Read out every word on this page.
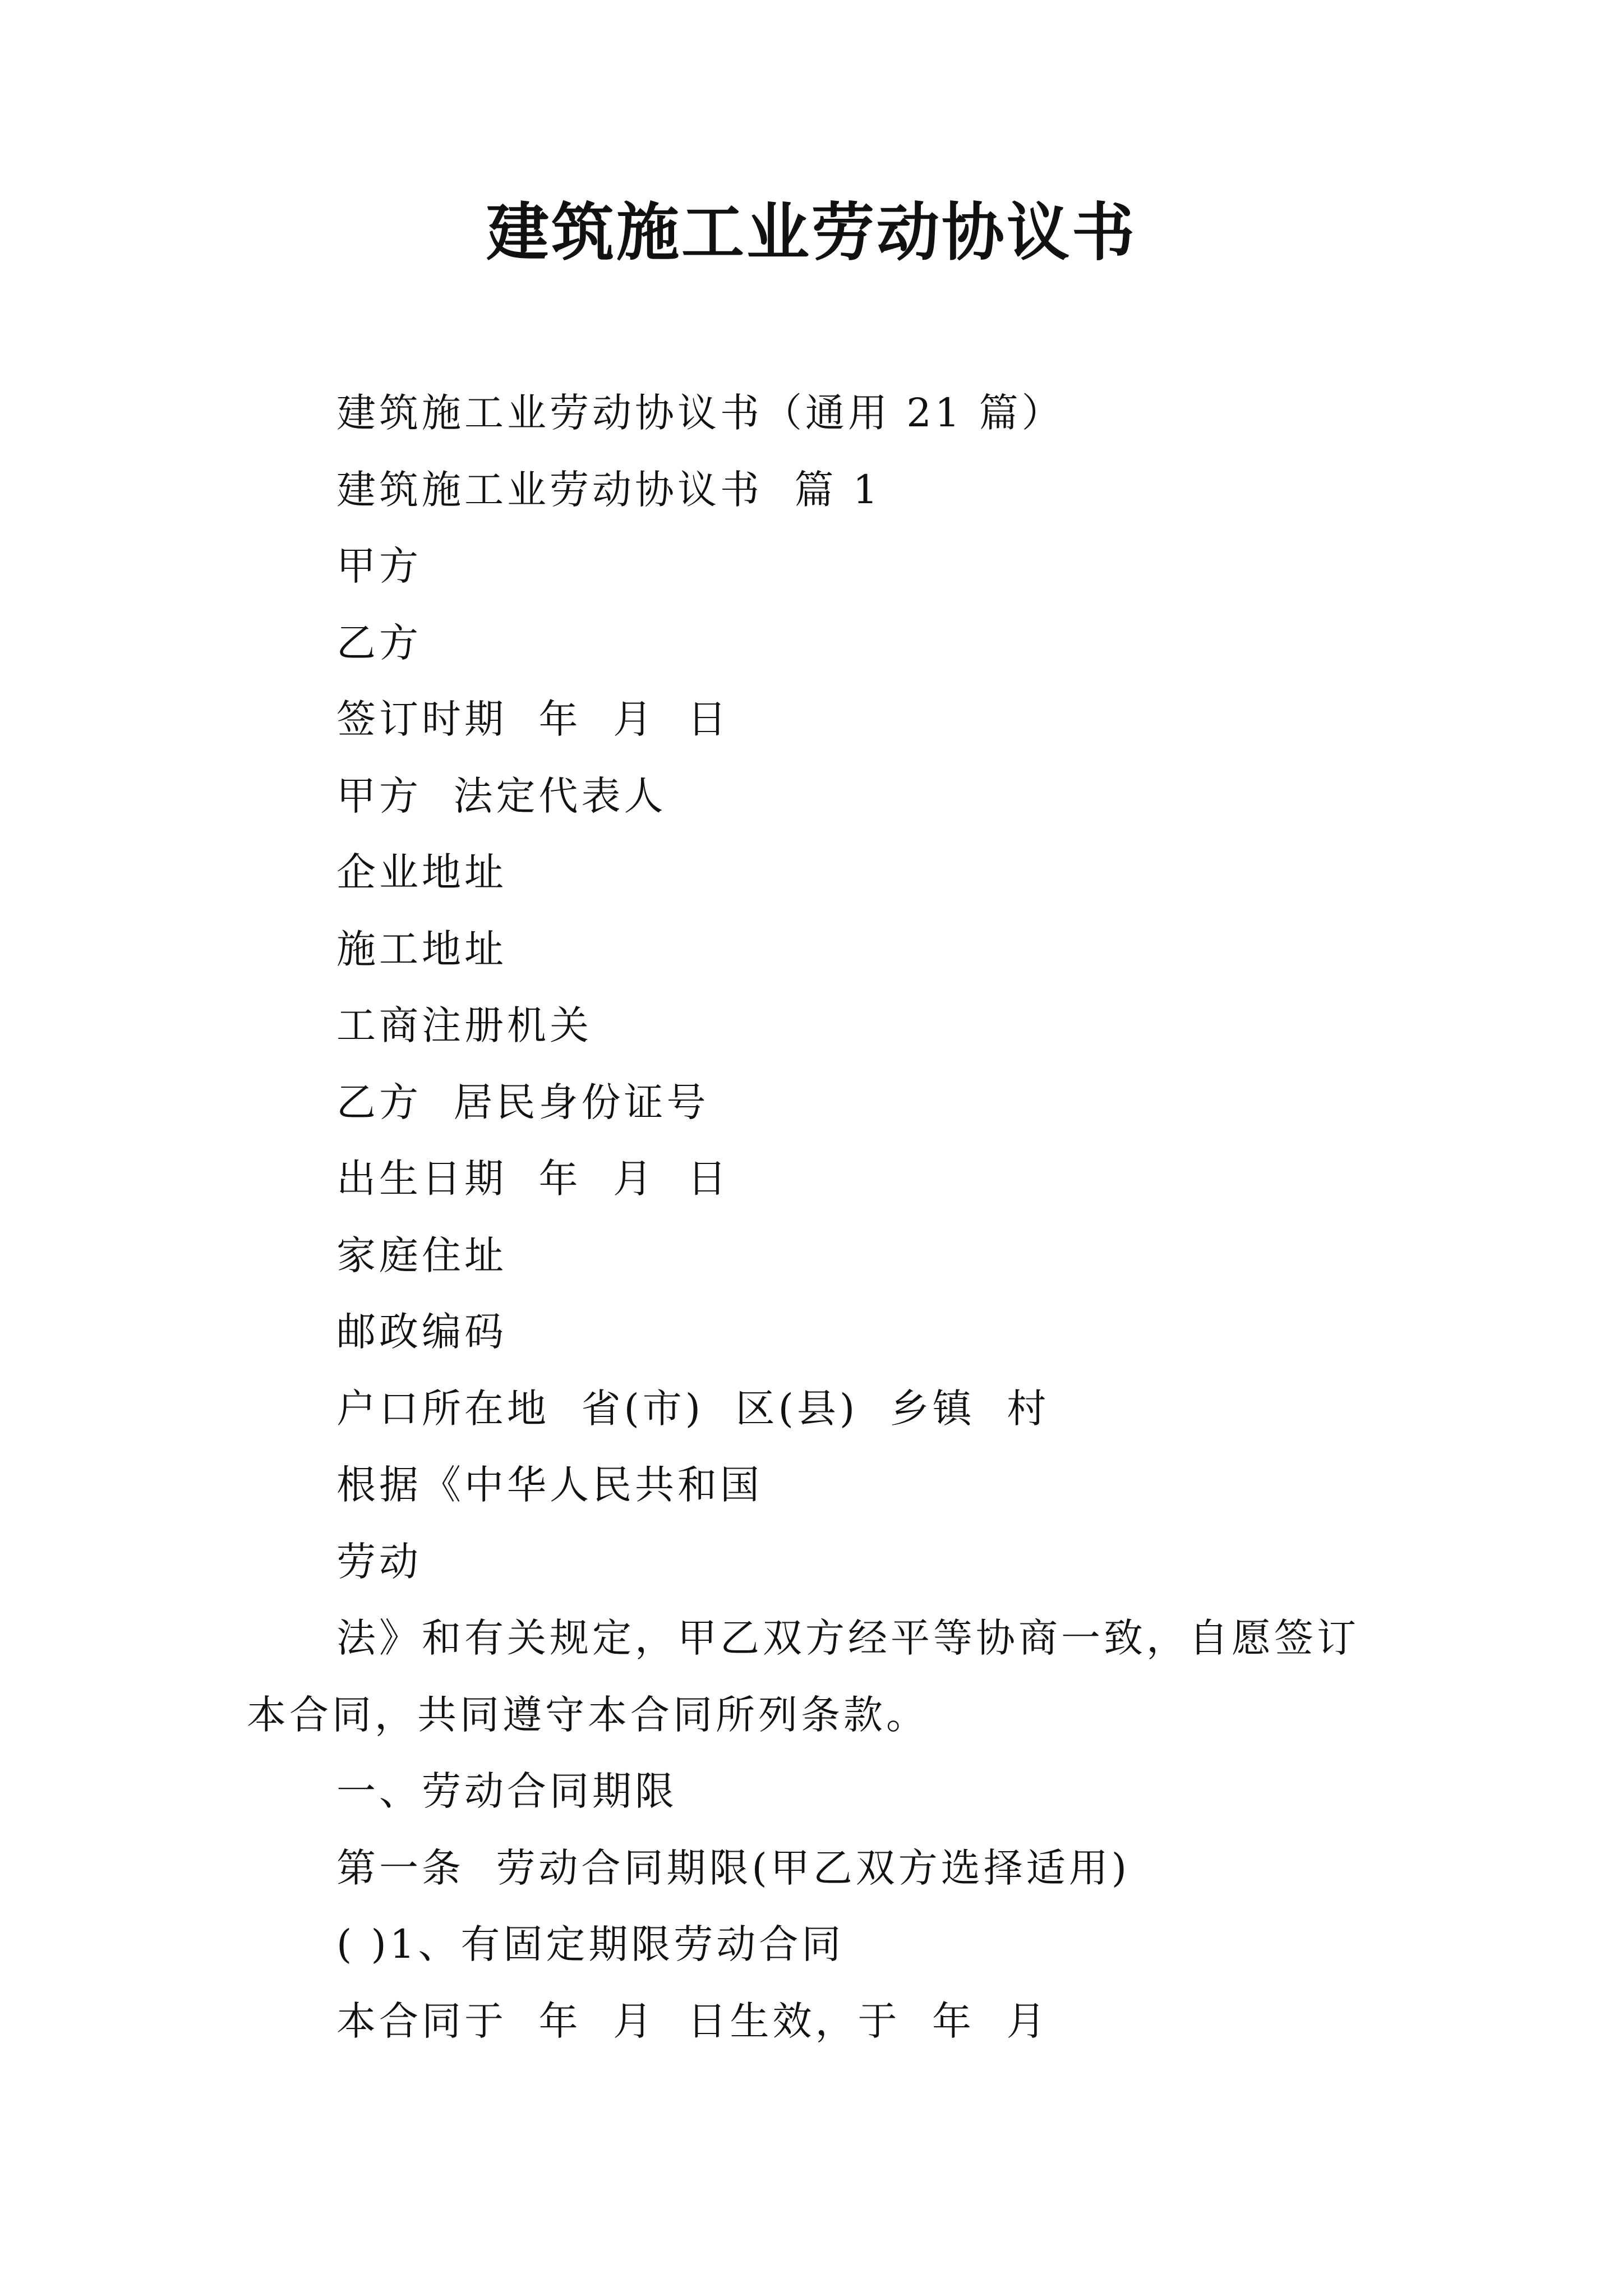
建筑施工业劳动协议书
建筑施工业劳动协议书（通用 21 篇）
建筑施工业劳动协议书  篇 1
甲方
乙方
签订时期  年  月  日
甲方  法定代表人
企业地址
施工地址
工商注册机关
乙方  居民身份证号
出生日期  年  月  日
家庭住址
邮政编码
户口所在地  省(市)  区(县)  乡镇  村
根据《中华人民共和国
劳动
法》和有关规定，甲乙双方经平等协商一致，自愿签订
本合同，共同遵守本合同所列条款。
一、劳动合同期限
第一条  劳动合同期限(甲乙双方选择适用)
( )1、有固定期限劳动合同
本合同于  年  月  日生效，于  年  月
